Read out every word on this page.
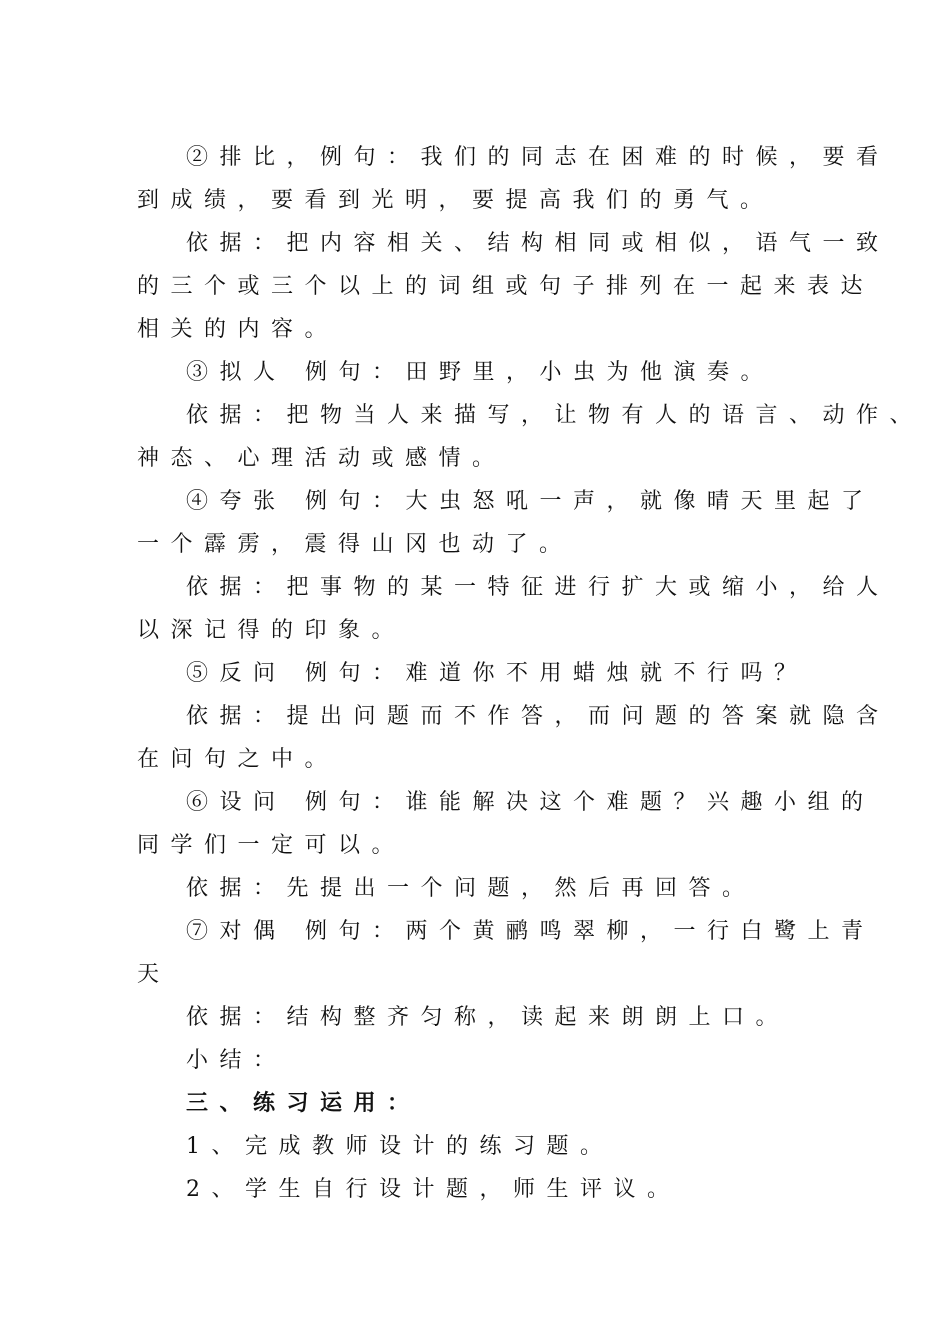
②排比，例句：我们的同志在困难的时候，要看
到成绩，要看到光明，要提高我们的勇气。
依据：把内容相关、结构相同或相似，语气一致
的三个或三个以上的词组或句子排列在一起来表达
相关的内容。
③拟人 例句：田野里，小虫为他演奏。
依据：把物当人来描写，让物有人的语言、动作、
神态、心理活动或感情。
④夸张 例句：大虫怒吼一声，就像晴天里起了
一个霹雳，震得山冈也动了。
依据：把事物的某一特征进行扩大或缩小，给人
以深记得的印象。
⑤反问 例句：难道你不用蜡烛就不行吗？
依据：提出问题而不作答，而问题的答案就隐含
在问句之中。
⑥设问 例句：谁能解决这个难题？兴趣小组的
同学们一定可以。
依据：先提出一个问题，然后再回答。
⑦对偶 例句：两个黄鹂鸣翠柳，一行白鹭上青
天
依据：结构整齐匀称，读起来朗朗上口。
小结：
三、练习运用：
1、完成教师设计的练习题。
2、学生自行设计题，师生评议。
